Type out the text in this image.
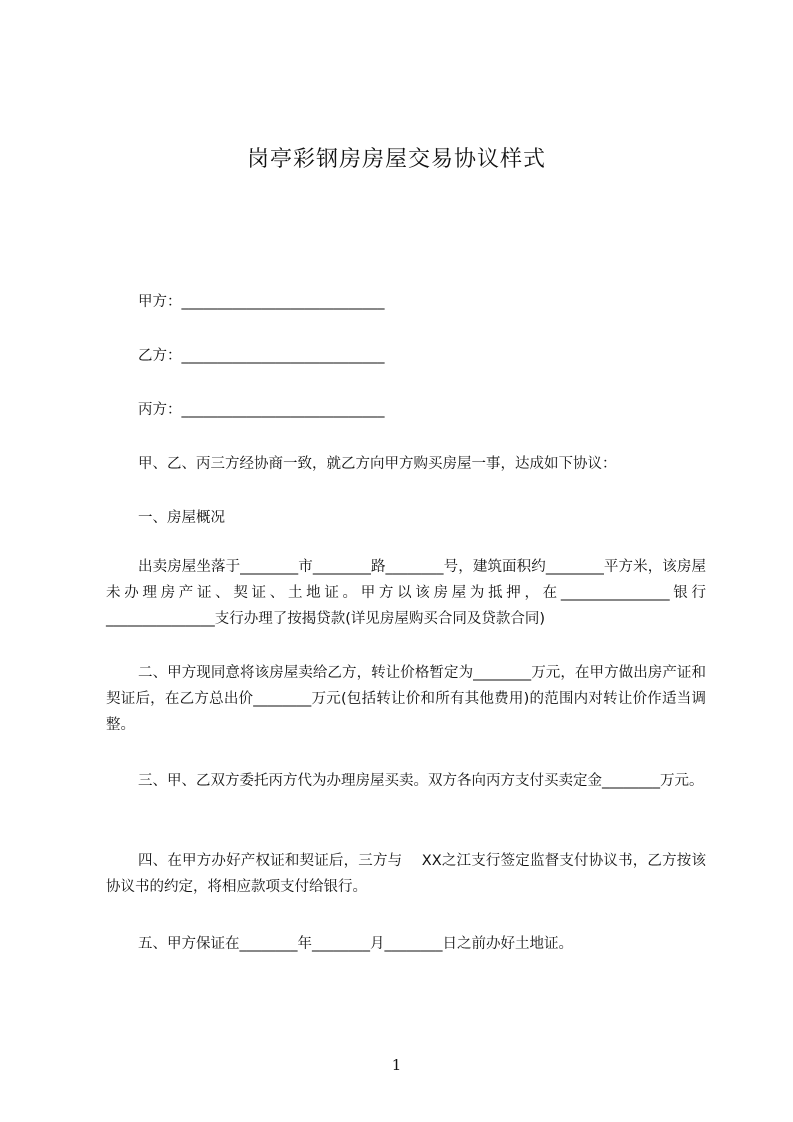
岗亭彩钢房房屋交易协议样式

甲方：____________________________

乙方：____________________________

丙方：____________________________

甲、乙、丙三方经协商一致，就乙方向甲方购买房屋一事，达成如下协议：

一、房屋概况

出卖房屋坐落于________市________路________号，建筑面积约________平方米，该房屋未办理房产证、契证、土地证。甲方以该房屋为抵押，在_______________银行_______________支行办理了按揭贷款(详见房屋购买合同及贷款合同)

二、甲方现同意将该房屋卖给乙方，转让价格暂定为________万元，在甲方做出房产证和契证后，在乙方总出价________万元(包括转让价和所有其他费用)的范围内对转让价作适当调整。

三、甲、乙双方委托丙方代为办理房屋买卖。双方各向丙方支付买卖定金________万元。

四、在甲方办好产权证和契证后，三方与　 XX之江支行签定监督支付协议书，乙方按该协议书的约定，将相应款项支付给银行。

五、甲方保证在________年________月________日之前办好土地证。

1
